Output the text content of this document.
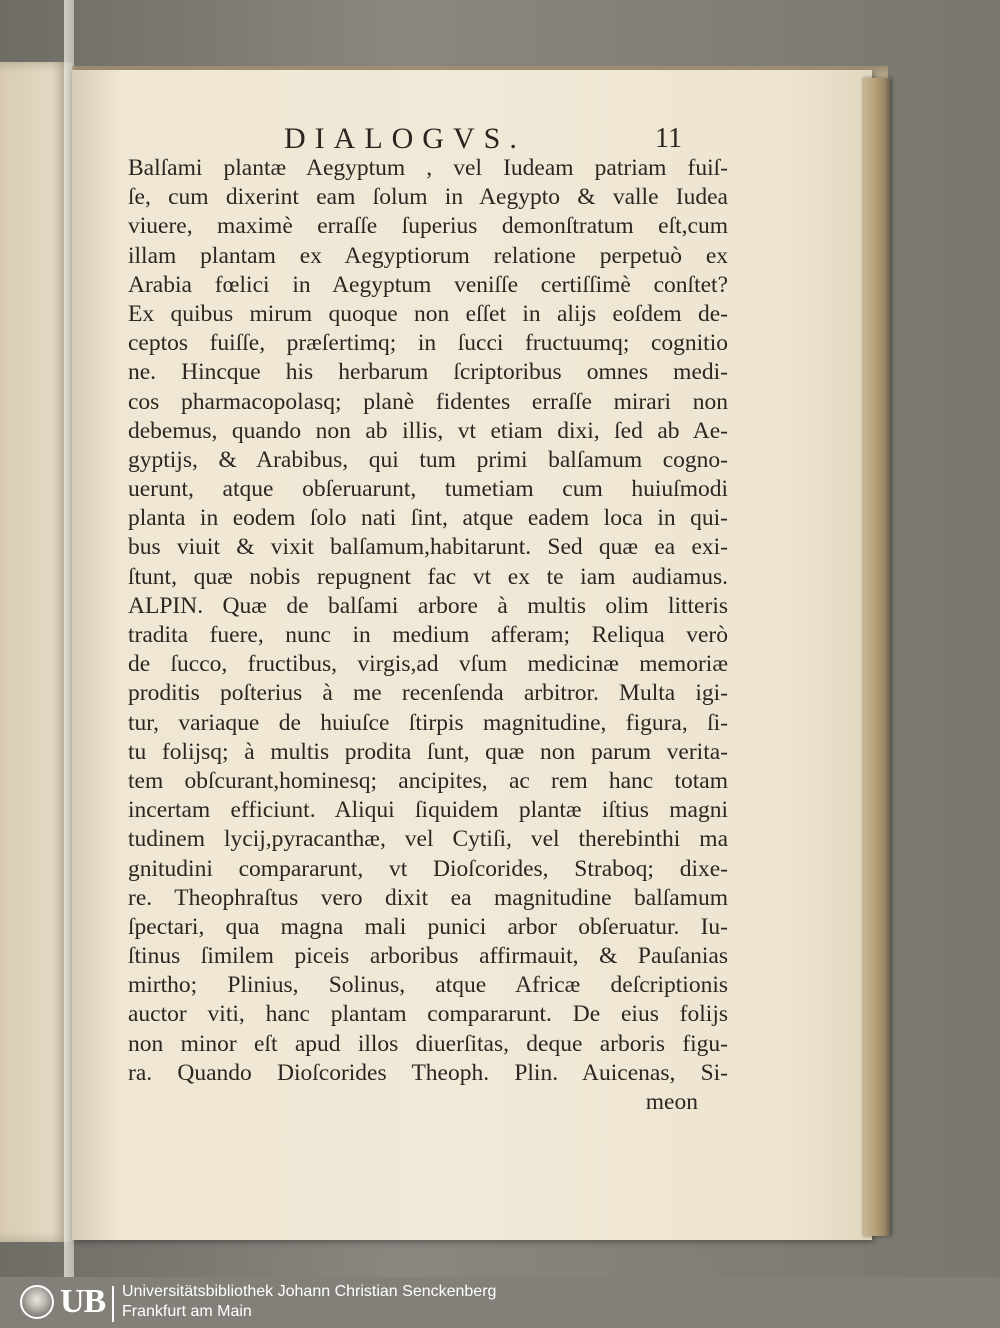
DIALOGVS.	11
Balſami plantæ Aegyptum , vel Iudeam patriam fuiſ-
ſe, cum dixerint eam ſolum in Aegypto & valle Iudea
viuere, maximè erraſſe ſuperius demonſtratum eſt,cum
illam plantam ex Aegyptiorum relatione perpetuò ex
Arabia fœlici in Aegyptum veniſſe certiſſimè conſtet?
Ex quibus mirum quoque non eſſet in alijs eoſdem de-
ceptos fuiſſe, præſertimq; in ſucci fructuumq; cognitio
ne. Hincque his herbarum ſcriptoribus omnes medi-
cos pharmacopolasq; planè fidentes erraſſe mirari non
debemus, quando non ab illis, vt etiam dixi, ſed ab Ae-
gyptijs, & Arabibus, qui tum primi balſamum cogno-
uerunt, atque obſeruarunt, tumetiam cum huiuſmodi
planta in eodem ſolo nati ſint, atque eadem loca in qui-
bus viuit & vixit balſamum,habitarunt. Sed quæ ea exi-
ſtunt, quæ nobis repugnent fac vt ex te iam audiamus.
ALPIN. Quæ de balſami arbore à multis olim litteris
tradita fuere, nunc in medium afferam; Reliqua verò
de ſucco, fructibus, virgis,ad vſum medicinæ memoriæ
proditis poſterius à me recenſenda arbitror. Multa igi-
tur, variaque de huiuſce ſtirpis magnitudine, figura, ſi-
tu folijsq; à multis prodita ſunt, quæ non parum verita-
tem obſcurant,hominesq; ancipites, ac rem hanc totam
incertam efficiunt. Aliqui ſiquidem plantæ iſtius magni
tudinem lycij,pyracanthæ, vel Cytiſi, vel therebinthi ma
gnitudini compararunt, vt Dioſcorides, Straboq; dixe-
re. Theophraſtus vero dixit ea magnitudine balſamum
ſpectari, qua magna mali punici arbor obſeruatur. Iu-
ſtinus ſimilem piceis arboribus affirmauit, & Pauſanias
mirtho; Plinius, Solinus, atque Africæ deſcriptionis
auctor viti, hanc plantam compararunt. De eius folijs
non minor eſt apud illos diuerſitas, deque arboris figu-
ra. Quando Dioſcorides Theoph. Plin. Auicenas, Si-
meon
UB Universitätsbibliothek Johann Christian Senckenberg
Frankfurt am Main
